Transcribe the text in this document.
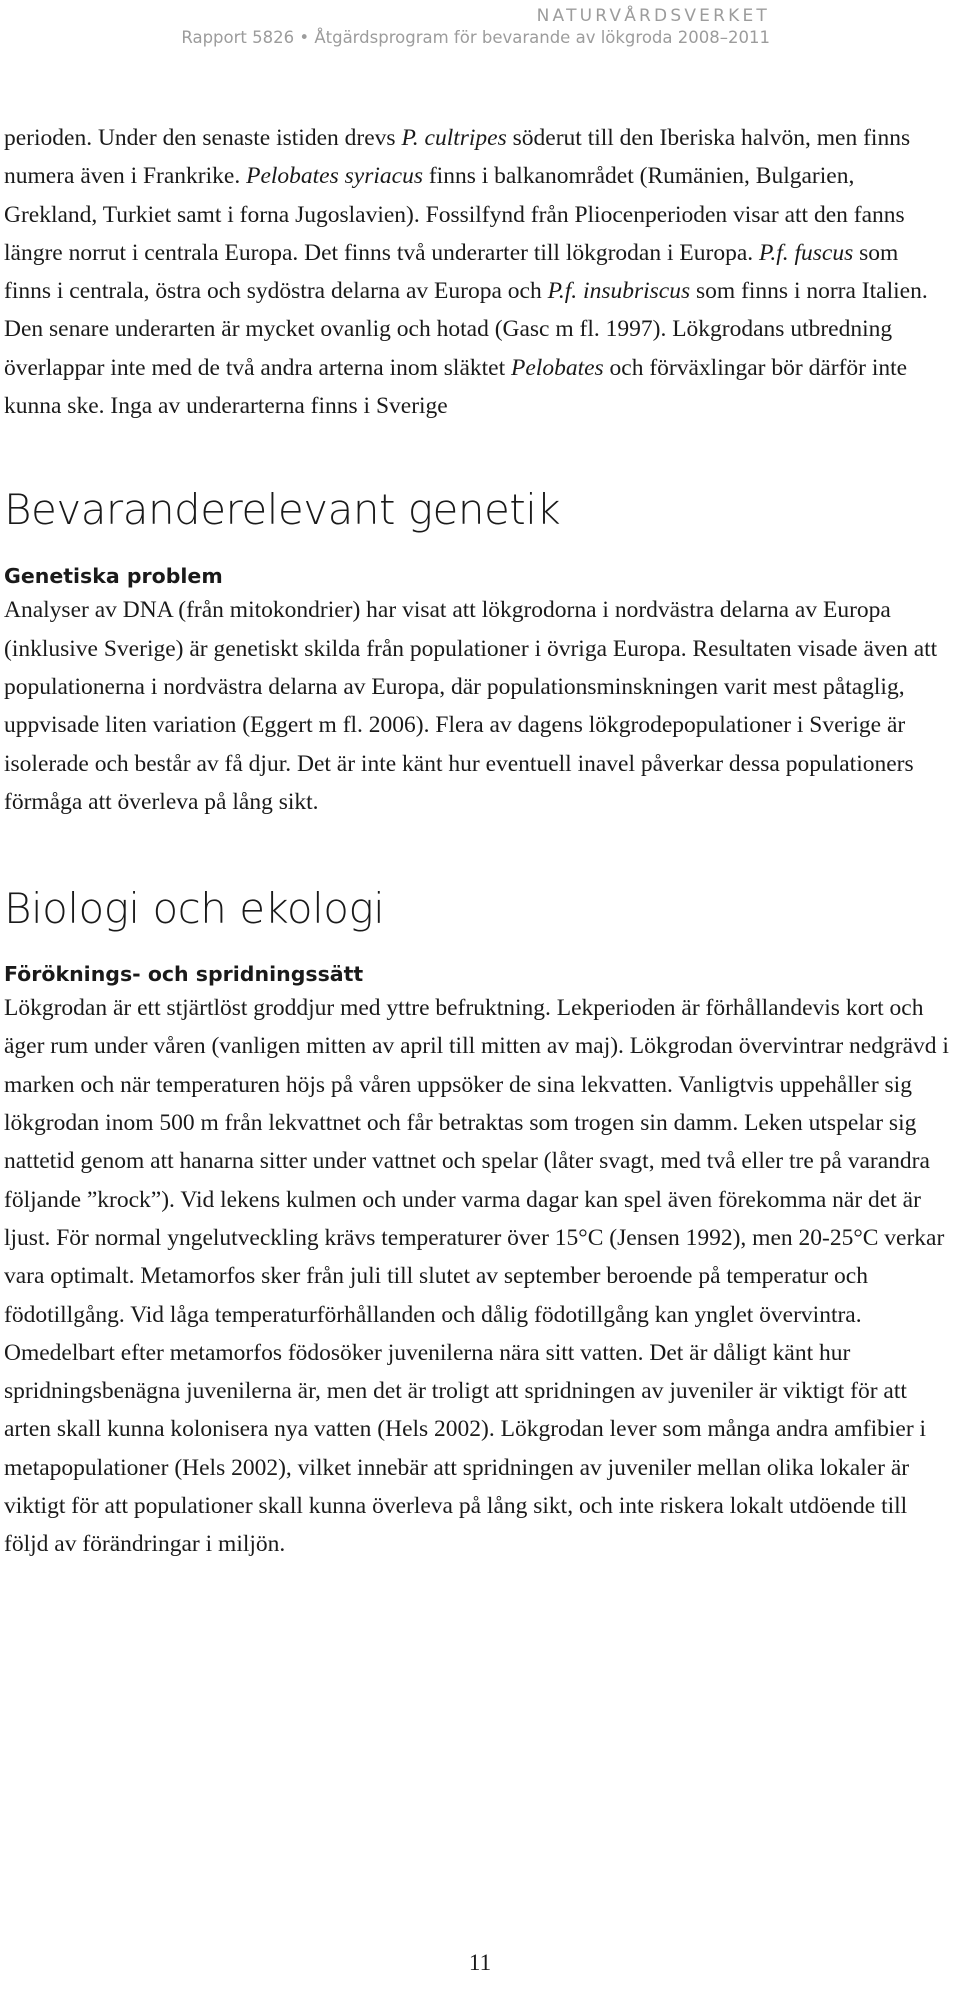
NATURVÅRDSVERKET
Rapport 5826 • Åtgärdsprogram för bevarande av lökgroda 2008–2011

perioden. Under den senaste istiden drevs P. cultripes söderut till den Iberiska halvön, men finns numera även i Frankrike. Pelobates syriacus finns i balkanområdet (Rumänien, Bulgarien, Grekland, Turkiet samt i forna Jugoslavien). Fossilfynd från Pliocenperioden visar att den fanns längre norrut i centrala Europa. Det finns två underarter till lökgrodan i Europa. P.f. fuscus som finns i centrala, östra och sydöstra delarna av Europa och P.f. insubriscus som finns i norra Italien. Den senare underarten är mycket ovanlig och hotad (Gasc m fl. 1997). Lökgrodans utbredning överlappar inte med de två andra arterna inom släktet Pelobates och förväxlingar bör därför inte kunna ske. Inga av underarterna finns i Sverige

Bevaranderelevant genetik
Genetiska problem

Analyser av DNA (från mitokondrier) har visat att lökgrodorna i nordvästra delarna av Europa (inklusive Sverige) är genetiskt skilda från populationer i övriga Europa. Resultaten visade även att populationerna i nordvästra delarna av Europa, där populationsminskningen varit mest påtaglig, uppvisade liten variation (Eggert m fl. 2006). Flera av dagens lökgrodepopulationer i Sverige är isolerade och består av få djur. Det är inte känt hur eventuell inavel påverkar dessa populationers förmåga att överleva på lång sikt.

Biologi och ekologi
Föröknings- och spridningssätt

Lökgrodan är ett stjärtlöst groddjur med yttre befruktning. Lekperioden är förhållandevis kort och äger rum under våren (vanligen mitten av april till mitten av maj). Lökgrodan övervintrar nedgrävd i marken och när temperaturen höjs på våren uppsöker de sina lekvatten. Vanligtvis uppehåller sig lökgrodan inom 500 m från lekvattnet och får betraktas som trogen sin damm. Leken utspelar sig nattetid genom att hanarna sitter under vattnet och spelar (låter svagt, med två eller tre på varandra följande ”krock”). Vid lekens kulmen och under varma dagar kan spel även förekomma när det är ljust. För normal yngelutveckling krävs temperaturer över 15°C (Jensen 1992), men 20-25°C verkar vara optimalt. Metamorfos sker från juli till slutet av september beroende på temperatur och födotillgång. Vid låga temperaturförhållanden och dålig födotillgång kan ynglet övervintra. Omedelbart efter metamorfos födosöker juvenilerna nära sitt vatten. Det är dåligt känt hur spridningsbenägna juvenilerna är, men det är troligt att spridningen av juveniler är viktigt för att arten skall kunna kolonisera nya vatten (Hels 2002). Lökgrodan lever som många andra amfibier i metapopulationer (Hels 2002), vilket innebär att spridningen av juveniler mellan olika lokaler är viktigt för att populationer skall kunna överleva på lång sikt, och inte riskera lokalt utdöende till följd av förändringar i miljön.

11
